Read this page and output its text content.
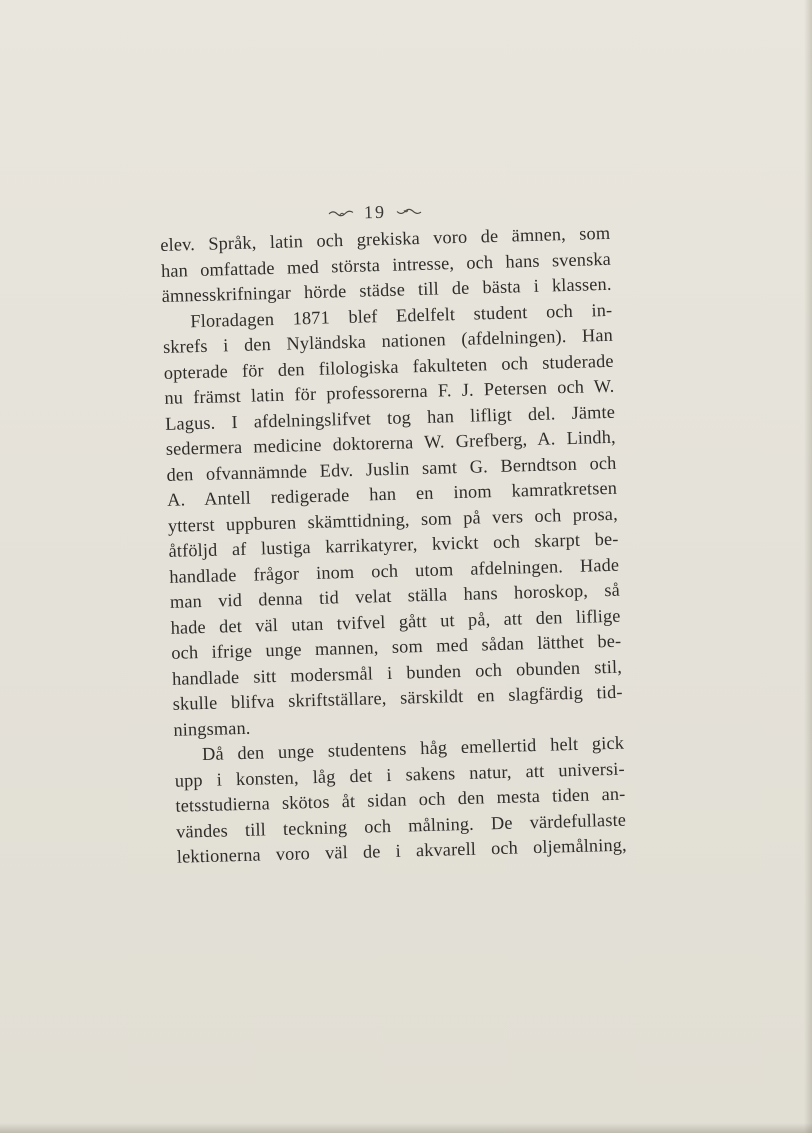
19
elev. Språk, latin och grekiska voro de ämnen, som
han omfattade med största intresse, och hans svenska
ämnesskrifningar hörde städse till de bästa i klassen.
Floradagen 1871 blef Edelfelt student och in-
skrefs i den Nyländska nationen (afdelningen). Han
opterade för den filologiska fakulteten och studerade
nu främst latin för professorerna F. J. Petersen och W.
Lagus. I afdelningslifvet tog han lifligt del. Jämte
sedermera medicine doktorerna W. Grefberg, A. Lindh,
den ofvannämnde Edv. Juslin samt G. Berndtson och
A. Antell redigerade han en inom kamratkretsen
ytterst uppburen skämttidning, som på vers och prosa,
åtföljd af lustiga karrikatyrer, kvickt och skarpt be-
handlade frågor inom och utom afdelningen. Hade
man vid denna tid velat ställa hans horoskop, så
hade det väl utan tvifvel gått ut på, att den liflige
och ifrige unge mannen, som med sådan lätthet be-
handlade sitt modersmål i bunden och obunden stil,
skulle blifva skriftställare, särskildt en slagfärdig tid-
ningsman.
Då den unge studentens håg emellertid helt gick
upp i konsten, låg det i sakens natur, att universi-
tetsstudierna skötos åt sidan och den mesta tiden an-
vändes till teckning och målning. De värdefullaste
lektionerna voro väl de i akvarell och oljemålning,
